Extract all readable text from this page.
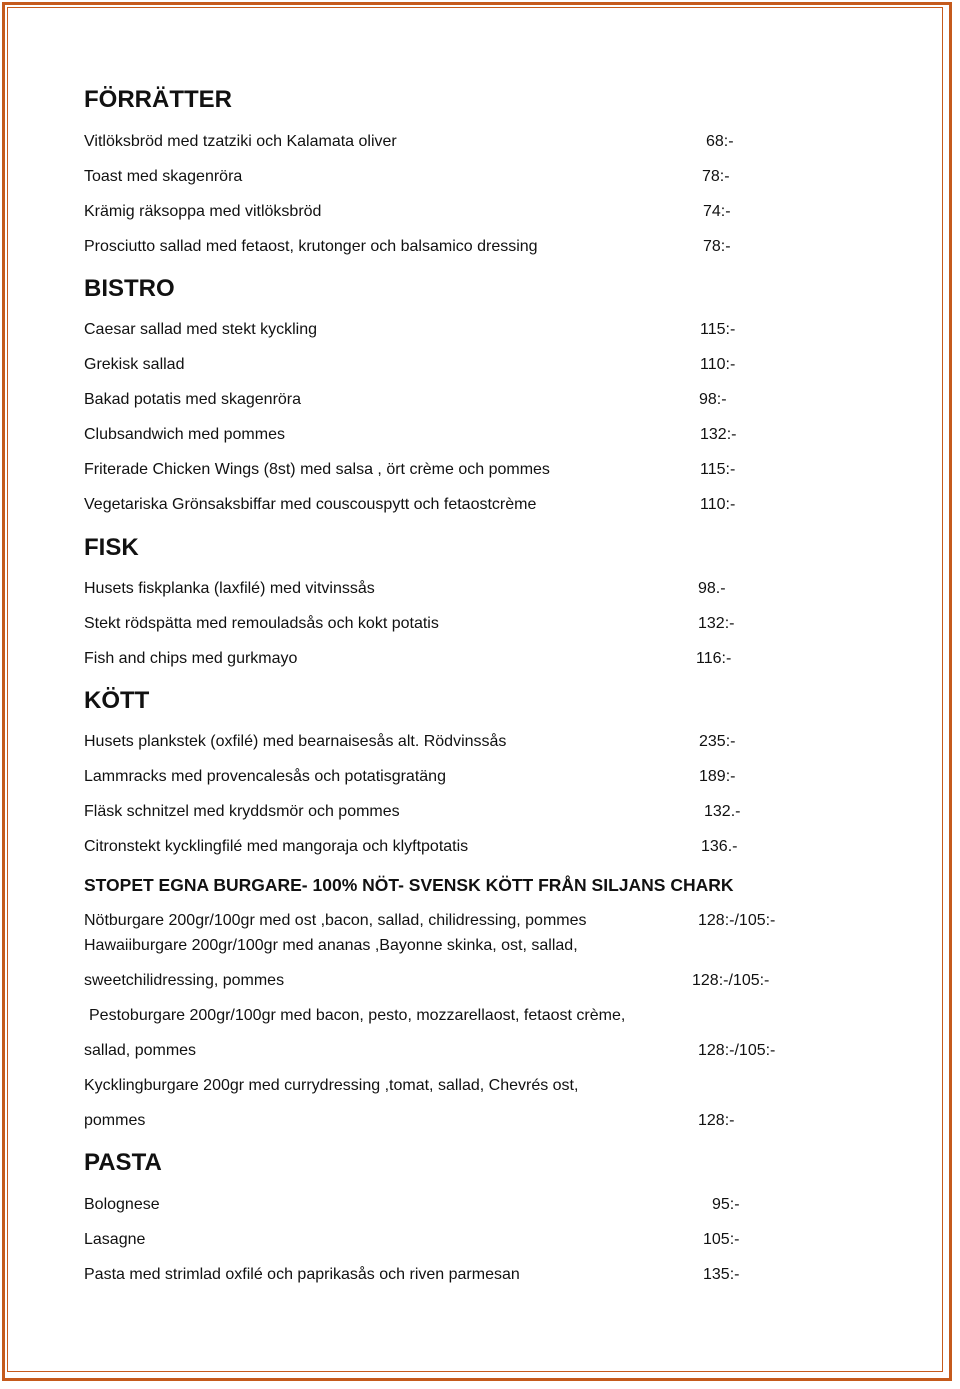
FÖRRÄTTER
Vitlöksbröd med tzatziki och Kalamata oliver	68:-
Toast med skagenröra	78:-
Krämig räksoppa med vitlöksbröd	74:-
Prosciutto sallad med fetaost, krutonger och balsamico dressing	78:-
BISTRO
Caesar sallad med stekt kyckling	115:-
Grekisk sallad	110:-
Bakad potatis med skagenröra	98:-
Clubsandwich med pommes	132:-
Friterade Chicken Wings (8st) med salsa , ört crème och pommes	115:-
Vegetariska Grönsaksbiffar med couscouspytt och fetaostcrème	110:-
FISK
Husets fiskplanka (laxfilé) med vitvinssås	98.-
Stekt rödspätta med remouladsås och kokt potatis	132:-
Fish and chips med gurkmayo	116:-
KÖTT
Husets plankstek (oxfilé) med bearnaisesås alt. Rödvinssås	235:-
Lammracks med provencalesås och potatisgratäng	189:-
Fläsk schnitzel med kryddsmör och pommes	132.-
Citronstekt kycklingfilé med mangoraja och klyftpotatis	136.-
STOPET EGNA BURGARE- 100% NÖT- SVENSK KÖTT FRÅN SILJANS CHARK
Nötburgare 200gr/100gr med ost ,bacon, sallad, chilidressing, pommes	128:-/105:-
Hawaiiburgare 200gr/100gr med ananas ,Bayonne skinka, ost, sallad,
sweetchilidressing, pommes	128:-/105:-
Pestoburgare 200gr/100gr med bacon, pesto, mozzarellaost, fetaost crème,
sallad, pommes	128:-/105:-
Kycklingburgare 200gr med currydressing ,tomat, sallad, Chevrés ost,
pommes	128:-
PASTA
Bolognese	95:-
Lasagne	105:-
Pasta med strimlad oxfilé och paprikasås och riven parmesan	135:-
